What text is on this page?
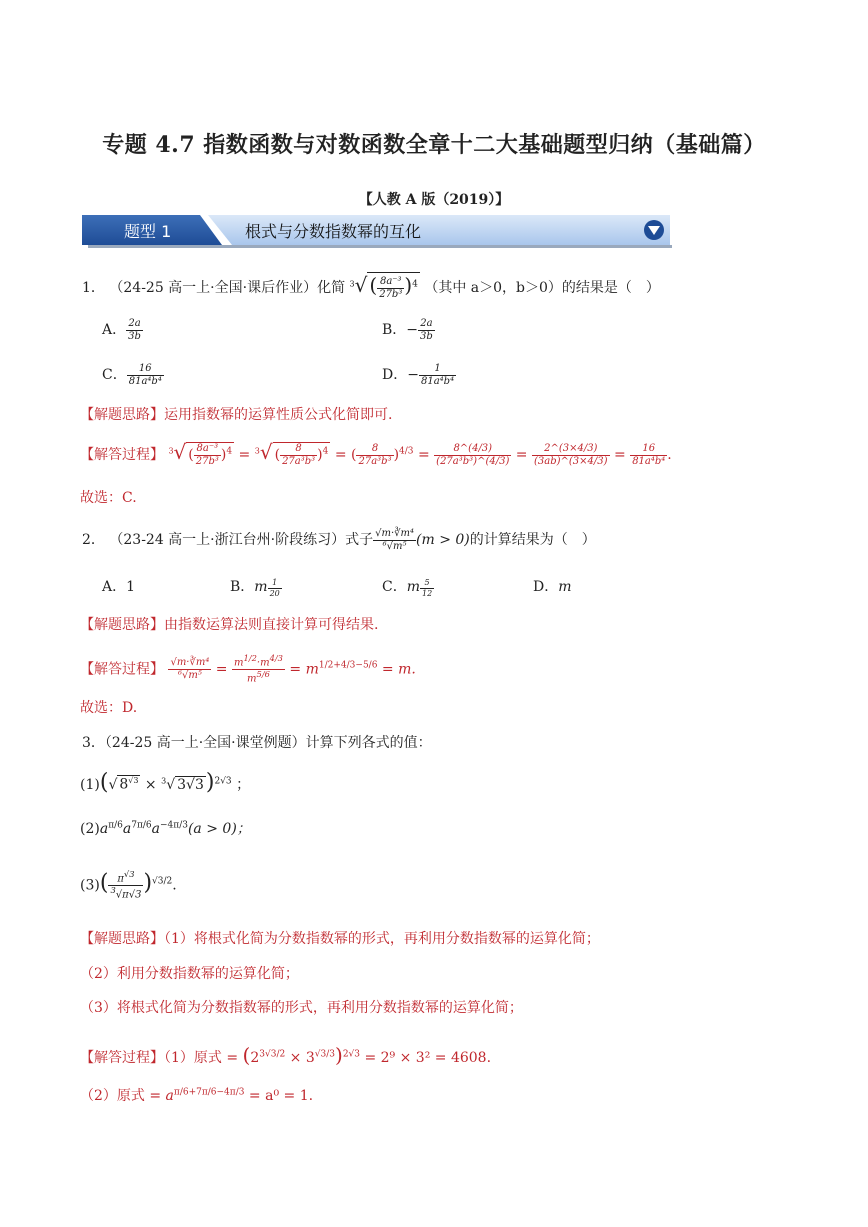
专题 4.7 指数函数与对数函数全章十二大基础题型归纳（基础篇）
【人教 A 版（2019）】
题型 1	根式与分数指数幂的互化
1． （24-25 高一上·全国·课后作业）化简 $^3$√ ( $\frac{\text{8a⁻³}}{\text{27b³}} )^4$ （其中 a＞0，b＞0）的结果是（　）
A． $\frac{2a}{3b}$	B．− $\frac{2a}{3b}$
C． $\frac{16}{\text{81a⁴b⁴}}$	D．− $\frac{1}{\text{81a⁴b⁴}}$
【解题思路】运用指数幂的运算性质公式化简即可.
【解答过程】 $^3$√ ( $\frac{\text{8a⁻³}}{\text{27b³}} )^4 = ^3√$ ( $\frac{8}{\text{27a³b³}} )^4$ = ( $\frac{8}{\text{27a³b³}} )^{4/3} = \frac{8\^{}(4/3)}{\text{(27a³b³)\textasciicircum{}(4/3)}} = \frac{2\^{}(3\times 4/3)}{(3ab)\^{}(3\times 4/3)} = \frac{16}{\text{81a⁴b⁴}}$ .
故选：C.
2． （23-24 高一上·浙江台州·阶段练习）式子 $\frac{\text{√m·∛m⁴}}{\text{⁶√m⁵}} (m > 0)$的计算结果为（　）
A．1	B．m $\frac{1}{20}$	C．m $\frac{5}{12}$	D．m
【解题思路】由指数运算法则直接计算可得结果.
【解答过程】 $\frac{\text{√m·∛m⁴}}{\text{⁶√m⁵}} = \frac{m^{1/2}\cdot m^{4/3}}{m^{5/6}} = m^{1/2+4/3-5/6} = m$.
故选：D.
3．（24-25 高一上·全国·课堂例题）计算下列各式的值：
(1)(√ $8^{√3} \times ^3√$ 3√3)$^{2√3}$ ；
$(2)a^{\pi/6}a^{7\pi/6}a^{-4\pi/3}(a > 0)$；
$(3)( \frac{\pi^{√3}}{^3√\pi√3} )^{√3/2}$.
【解题思路】（1）将根式化简为分数指数幂的形式，再利用分数指数幂的运算化简；
（2）利用分数指数幂的运算化简；
（3）将根式化简为分数指数幂的形式，再利用分数指数幂的运算化简；
【解答过程】（1）原式 = $(2^{3√3/2} \times 3^{√3/3})^{2√3} = 2^9 \times 3^2 = 4608$.
（2）原式 = $a^{\pi/6+7\pi/6-4\pi/3} = a^0 = 1$.
